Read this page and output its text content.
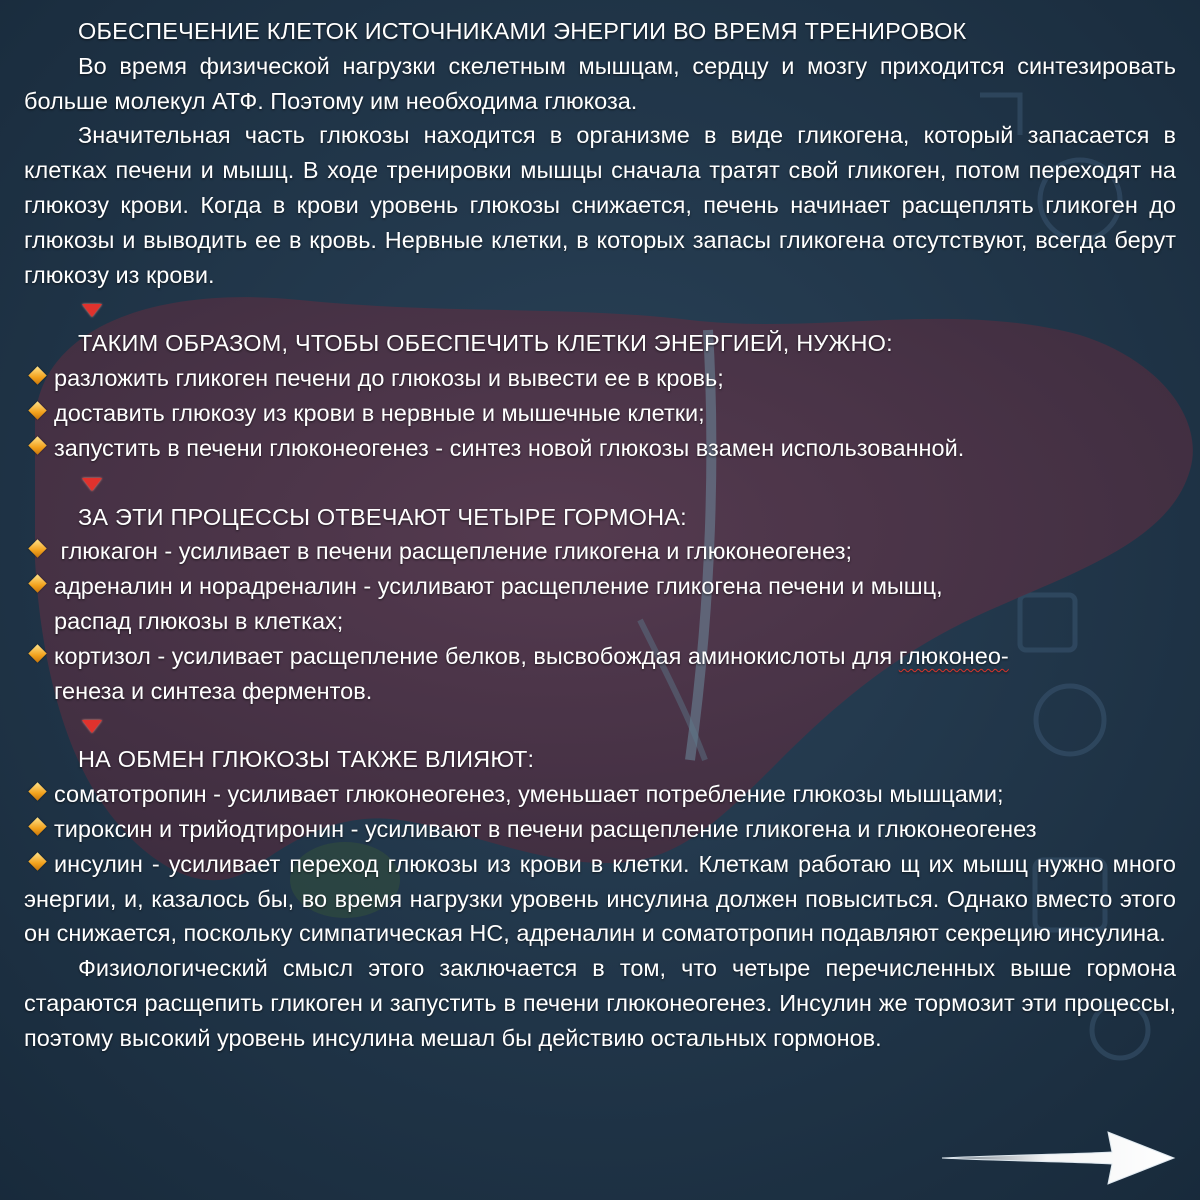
ОБЕСПЕЧЕНИЕ КЛЕТОК ИСТОЧНИКАМИ ЭНЕРГИИ ВО ВРЕМЯ ТРЕНИРОВОК

Во время физической нагрузки скелетным мышцам, сердцу и мозгу приходится синтезировать больше молекул АТФ. Поэтому им необходима глюкоза.

Значительная часть глюкозы находится в организме в виде гликогена, который запасается в клетках печени и мышц. В ходе тренировки мышцы сначала тратят свой гликоген, потом переходят на глюкозу крови. Когда в крови уровень глюкозы снижается, печень начинает расщеплять гликоген до глюкозы и выводить ее в кровь. Нервные клетки, в которых запасы гликогена отсутствуют, всегда берут глюкозу из крови.

ТАКИМ ОБРАЗОМ, ЧТОБЫ ОБЕСПЕЧИТЬ КЛЕТКИ ЭНЕРГИЕЙ, НУЖНО:

разложить гликоген печени до глюкозы и вывести ее в кровь;

доставить глюкозу из крови в нервные и мышечные клетки;

запустить в печени глюконеогенез - синтез новой глюкозы взамен использованной.

ЗА ЭТИ ПРОЦЕССЫ ОТВЕЧАЮТ ЧЕТЫРЕ ГОРМОНА:

глюкагон - усиливает в печени расщепление гликогена и глюконеогенез;

адреналин и норадреналин - усиливают расщепление гликогена печени и мышц,
распад глюкозы в клетках;

кортизол - усиливает расщепление белков, высвобождая аминокислоты для глюконео-
генеза и синтеза ферментов.

НА ОБМЕН ГЛЮКОЗЫ ТАКЖЕ ВЛИЯЮТ:

соматотропин - усиливает глюконеогенез, уменьшает потребление глюкозы мышцами;

тироксин и трийодтиронин - усиливают в печени расщепление гликогена и глюконеогенез

инсулин - усиливает переход глюкозы из крови в клетки. Клеткам работаю щ их мышц нужно много энергии, и, казалось бы, во время нагрузки уровень инсулина должен повыситься. Однако вместо этого он снижается, поскольку симпатическая НС, адреналин и соматотропин подавляют секрецию инсулина.

Физиологический смысл этого заключается в том, что четыре перечисленных выше гормона стараются расщепить гликоген и запустить в печени глюконеогенез. Инсулин же тормозит эти процессы, поэтому высокий уровень инсулина мешал бы действию остальных гормонов.
